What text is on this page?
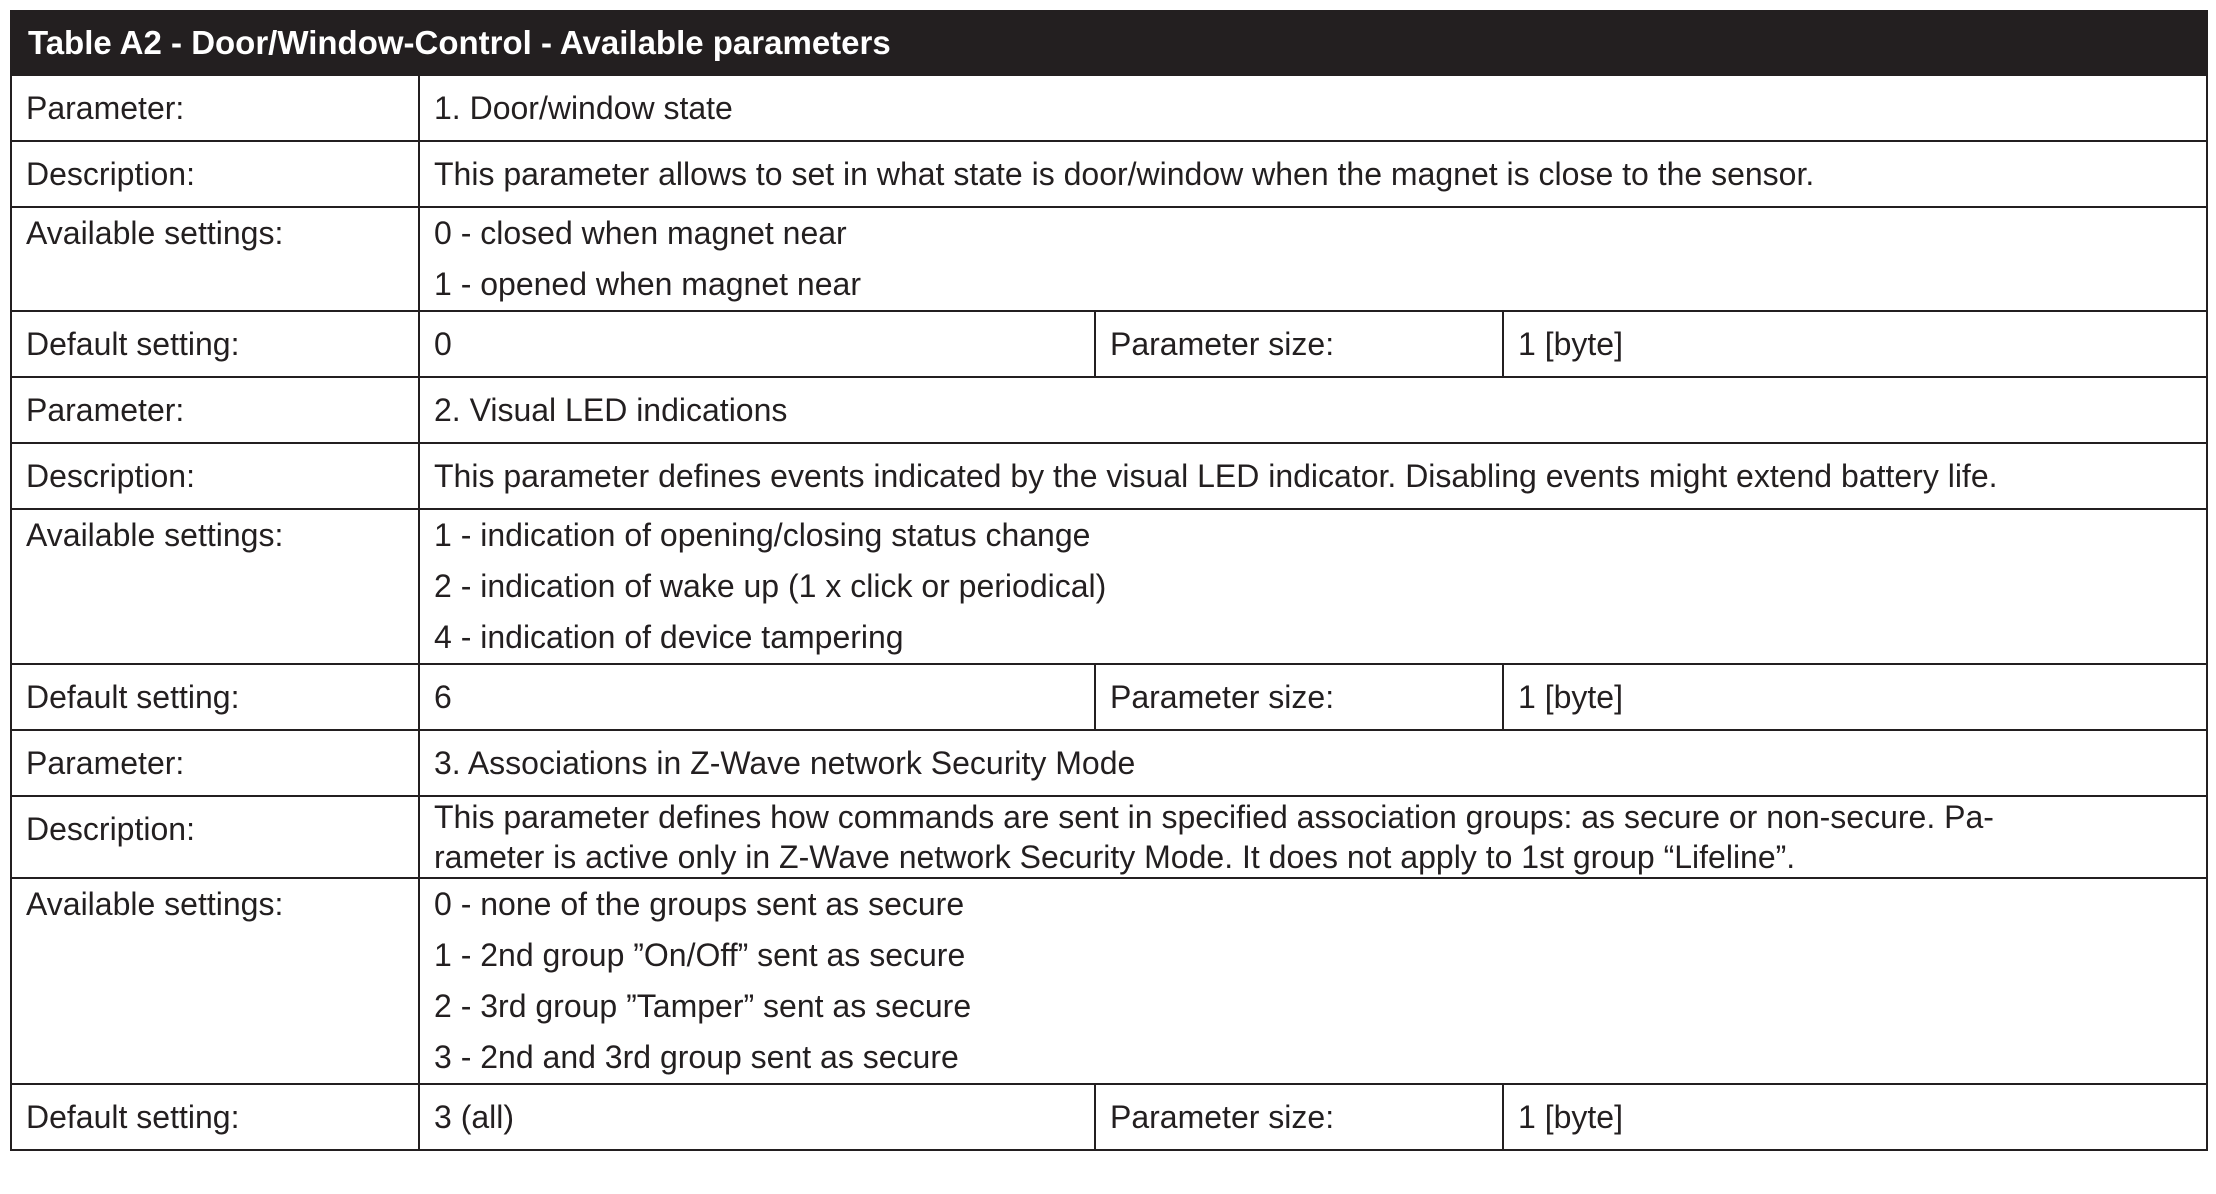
Table A2 - Door/Window-Control - Available parameters			
Parameter:	1. Door/window state		
Description:	This parameter allows to set in what state is door/window when the magnet is close to the sensor.		
Available settings:	0 - closed when magnet near
1 - opened when magnet near		

Default setting:	0	Parameter size:	1 [byte]
Parameter:	2. Visual LED indications		
Description:	This parameter defines events indicated by the visual LED indicator. Disabling events might extend battery life.		
Available settings:	1 - indication of opening/closing status change
2 - indication of wake up (1 x click or periodical)
4 - indication of device tampering		

Default setting:	6	Parameter size:	1 [byte]
Parameter:	3. Associations in Z-Wave network Security Mode		
Description:	This parameter defines how commands are sent in specified association groups: as secure or non-secure. Pa-
rameter is active only in Z-Wave network Security Mode. It does not apply to 1st group “Lifeline”.		

Available settings:	0 - none of the groups sent as secure
1 - 2nd group ”On/Off” sent as secure
2 - 3rd group ”Tamper” sent as secure
3 - 2nd and 3rd group sent as secure		

Default setting:	3 (all)	Parameter size:	1 [byte]
